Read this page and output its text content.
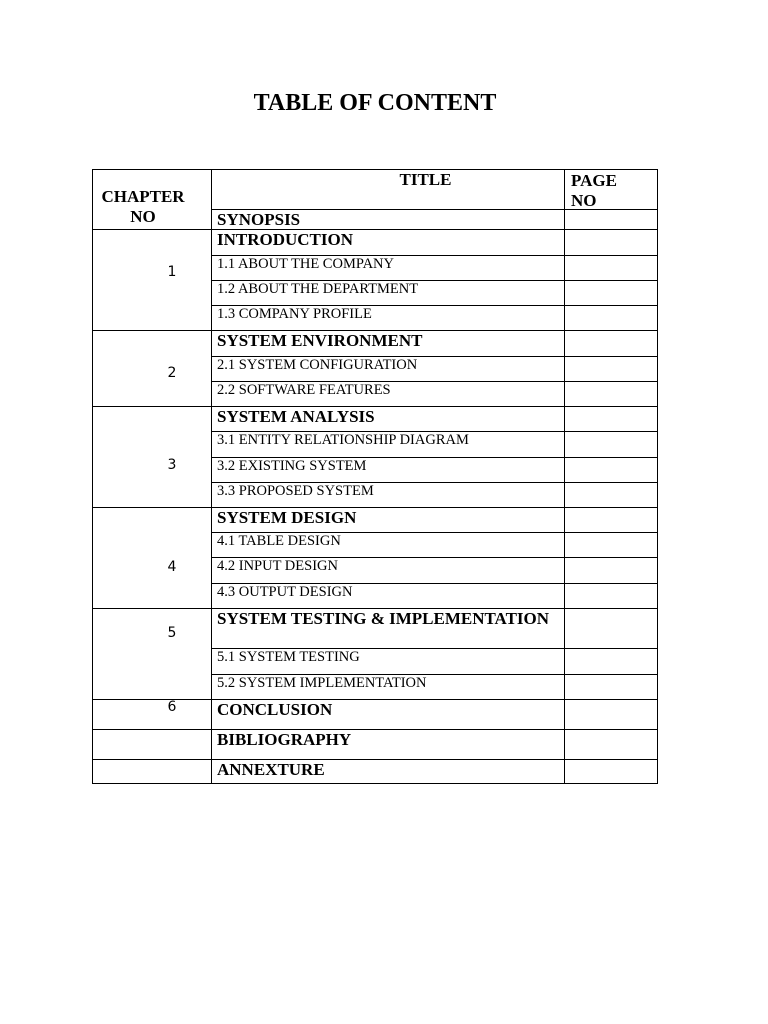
TABLE OF CONTENT
CHAPTER NO
TITLE	PAGE NO
SYNOPSIS
INTRODUCTION
1.1 ABOUT THE COMPANY
1.2 ABOUT THE DEPARTMENT
1.3 COMPANY PROFILE
SYSTEM ENVIRONMENT
2.1 SYSTEM CONFIGURATION
2.2 SOFTWARE FEATURES
SYSTEM ANALYSIS
3.1 ENTITY RELATIONSHIP DIAGRAM
3.2 EXISTING SYSTEM
3.3 PROPOSED SYSTEM
SYSTEM DESIGN
4.1 TABLE DESIGN
4.2 INPUT DESIGN
4.3 OUTPUT DESIGN
SYSTEM TESTING & IMPLEMENTATION
5.1 SYSTEM TESTING
5.2 SYSTEM IMPLEMENTATION
CONCLUSION
BIBLIOGRAPHY
ANNEXTURE
1
2
3
4
5
6
